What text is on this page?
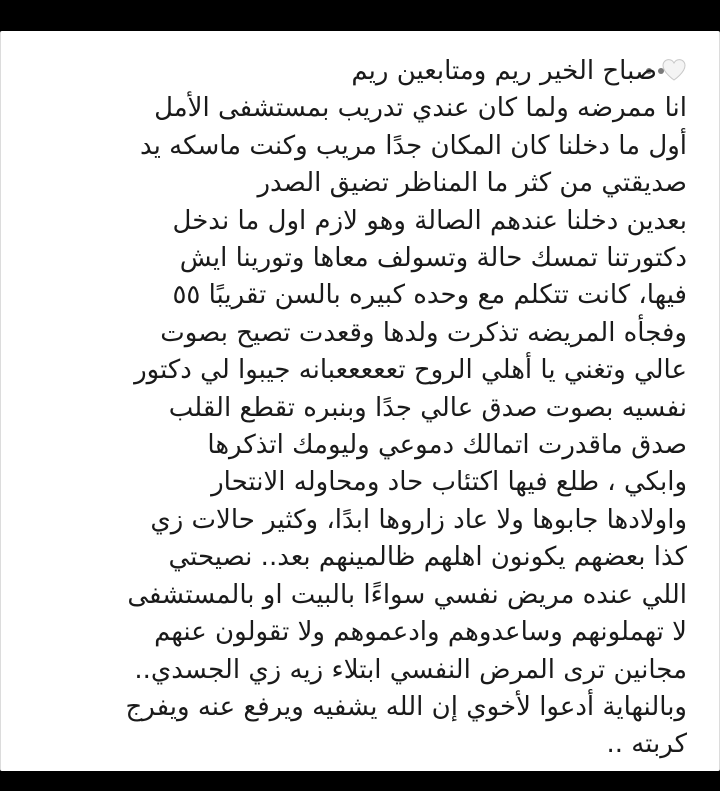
صباح الخير ريم ومتابعين ريم
انا ممرضه ولما كان عندي تدريب بمستشفى الأمل
أول ما دخلنا كان المكان جدًا مريب وكنت ماسكه يد
صديقتي من كثر ما المناظر تضيق الصدر
بعدين دخلنا عندهم الصالة وهو لازم اول ما ندخل
دكتورتنا تمسك حالة وتسولف معاها وتورينا ايش
فيها، كانت تتكلم مع وحده كبيره بالسن تقريبًا ٥٥
وفجأه المريضه تذكرت ولدها وقعدت تصيح بصوت
عالي وتغني يا أهلي الروح تعععععبانه جيبوا لي دكتور
نفسيه بصوت صدق عالي جدًا وبنبره تقطع القلب
صدق ماقدرت اتمالك دموعي وليومك اتذكرها
وابكي ، طلع فيها اكتئاب حاد ومحاوله الانتحار
واولادها جابوها ولا عاد زاروها ابدًا، وكثير حالات زي
كذا بعضهم يكونون اهلهم ظالمينهم بعد.. نصيحتي
اللي عنده مريض نفسي سواءًا بالبيت او بالمستشفى
لا تهملونهم وساعدوهم وادعموهم ولا تقولون عنهم
مجانين ترى المرض النفسي ابتلاء زيه زي الجسدي..
وبالنهاية أدعوا لأخوي إن الله يشفيه ويرفع عنه ويفرج
كربته ..
